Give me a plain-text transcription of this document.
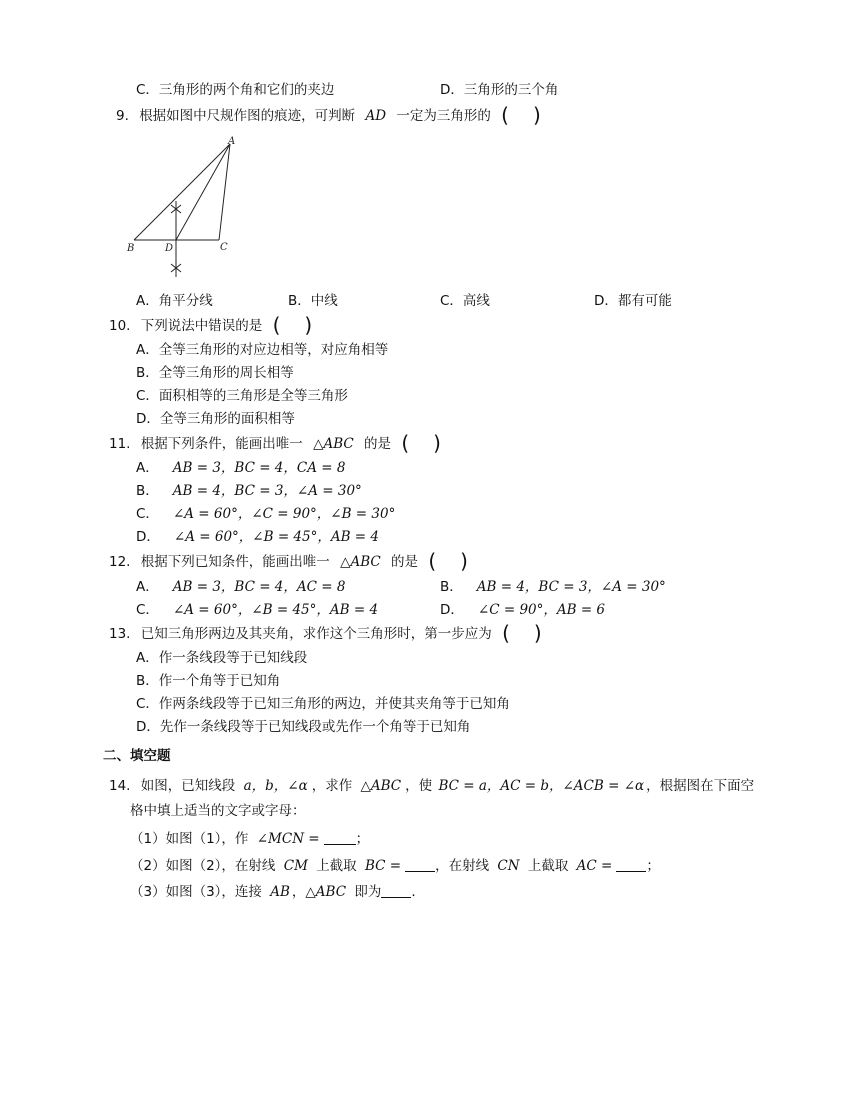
C．三角形的两个角和它们的夹边	D．三角形的三个角
9. 根据如图中尺规作图的痕迹，可判断 AD 一定为三角形的 ( )
A
B	D	C
A．角平分线	B．中线	C．高线	D．都有可能
10. 下列说法中错误的是 ( )
A．全等三角形的对应边相等，对应角相等
B．全等三角形的周长相等
C．面积相等的三角形是全等三角形
D．全等三角形的面积相等
11. 根据下列条件，能画出唯一 △ABC 的是 ( )
A． AB = 3，BC = 4，CA = 8
B． AB = 4，BC = 3，∠A = 30°
C． ∠A = 60°，∠C = 90°，∠B = 30°
D． ∠A = 60°，∠B = 45°，AB = 4
12. 根据下列已知条件，能画出唯一 △ABC 的是 ( )
A． AB = 3，BC = 4，AC = 8	B． AB = 4，BC = 3，∠A = 30°
C． ∠A = 60°，∠B = 45°，AB = 4	D． ∠C = 90°，AB = 6
13. 已知三角形两边及其夹角，求作这个三角形时，第一步应为 ( )
A．作一条线段等于已知线段
B．作一个角等于已知角
C．作两条线段等于已知三角形的两边，并使其夹角等于已知角
D．先作一条线段等于已知线段或先作一个角等于已知角
二、填空题
14. 如图，已知线段 a，b，∠α ，求作 △ABC ，使 BC = a，AC = b，∠ACB = ∠α ，根据图在下面空
格中填上适当的文字或字母：
（1）如图（1），作 ∠MCN =	；
（2）如图（2），在射线 CM 上截取 BC =	，在射线 CN 上截取 AC =	；
（3）如图（3），连接 AB ，△ABC 即为 .
